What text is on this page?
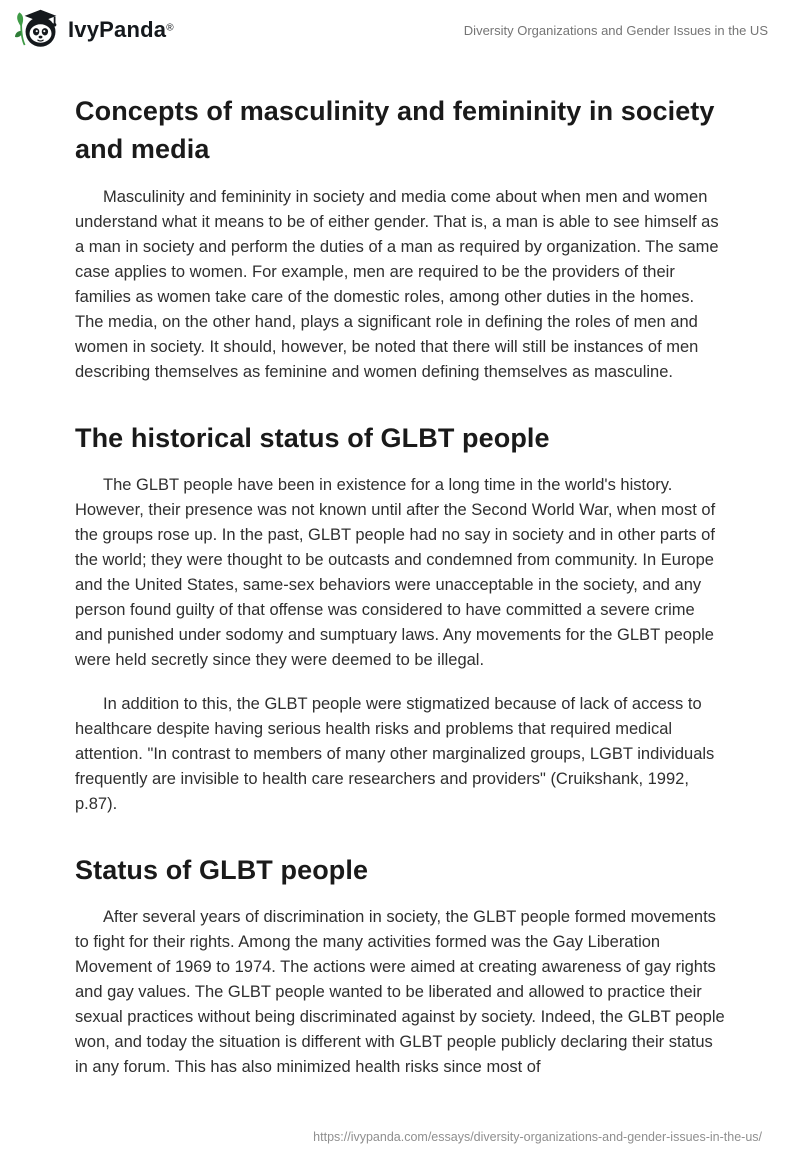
IvyPanda®	Diversity Organizations and Gender Issues in the US
Concepts of masculinity and femininity in society and media

Masculinity and femininity in society and media come about when men and women understand what it means to be of either gender. That is, a man is able to see himself as a man in society and perform the duties of a man as required by organization. The same case applies to women. For example, men are required to be the providers of their families as women take care of the domestic roles, among other duties in the homes. The media, on the other hand, plays a significant role in defining the roles of men and women in society. It should, however, be noted that there will still be instances of men describing themselves as feminine and women defining themselves as masculine.

The historical status of GLBT people

The GLBT people have been in existence for a long time in the world's history. However, their presence was not known until after the Second World War, when most of the groups rose up. In the past, GLBT people had no say in society and in other parts of the world; they were thought to be outcasts and condemned from community. In Europe and the United States, same-sex behaviors were unacceptable in the society, and any person found guilty of that offense was considered to have committed a severe crime and punished under sodomy and sumptuary laws. Any movements for the GLBT people were held secretly since they were deemed to be illegal.

In addition to this, the GLBT people were stigmatized because of lack of access to healthcare despite having serious health risks and problems that required medical attention. "In contrast to members of many other marginalized groups, LGBT individuals frequently are invisible to health care researchers and providers" (Cruikshank, 1992, p.87).

Status of GLBT people

After several years of discrimination in society, the GLBT people formed movements to fight for their rights. Among the many activities formed was the Gay Liberation Movement of 1969 to 1974. The actions were aimed at creating awareness of gay rights and gay values. The GLBT people wanted to be liberated and allowed to practice their sexual practices without being discriminated against by society. Indeed, the GLBT people won, and today the situation is different with GLBT people publicly declaring their status in any forum. This has also minimized health risks since most of

https://ivypanda.com/essays/diversity-organizations-and-gender-issues-in-the-us/
